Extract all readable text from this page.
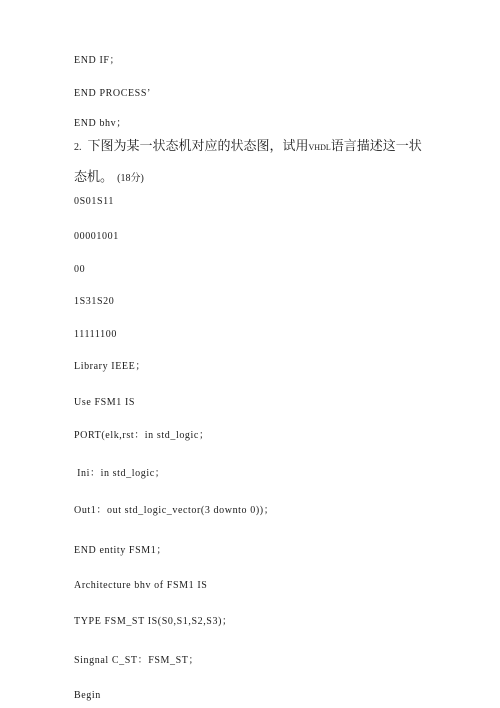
END IF；
END PROCESS’
END bhv；
2. 下图为某一状态机对应的状态图，试用VHDL语言描述这一状
态机。 (18分)
0S01S11
00001001
00
1S31S20
11111100
Library IEEE；
Use FSM1 IS
PORT(elk,rst：in std_logic；
Ini：in std_logic；
Out1：out std_logic_vector(3 downto 0))；
END entity FSM1；
Architecture bhv of FSM1 IS
TYPE FSM_ST IS(S0,S1,S2,S3)；
Singnal C_ST：FSM_ST；
Begin
